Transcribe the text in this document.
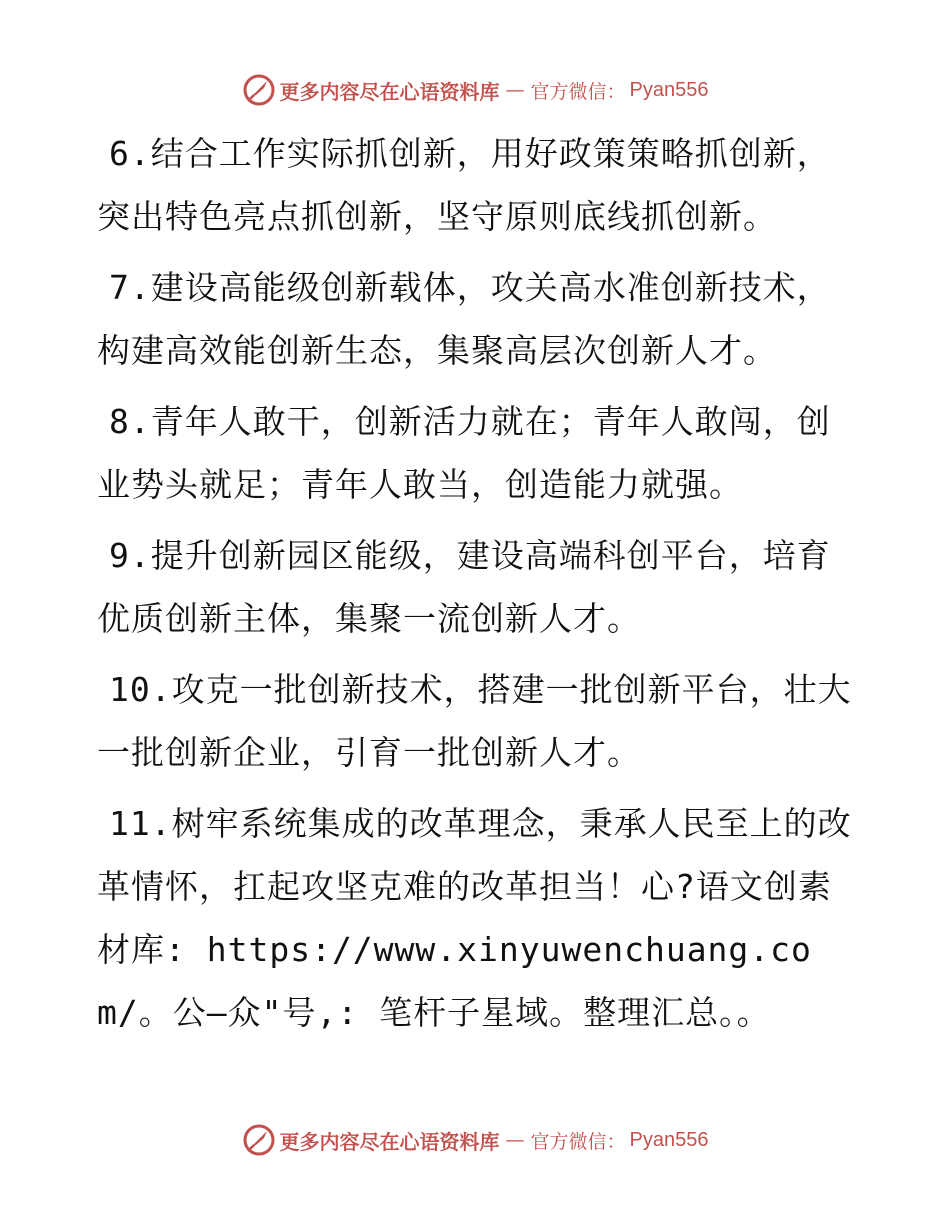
更多内容尽在心语资料库 — 官方微信： Pyan556

6.结合工作实际抓创新，用好政策策略抓创新，突出特色亮点抓创新，坚守原则底线抓创新。

7.建设高能级创新载体，攻关高水准创新技术，构建高效能创新生态，集聚高层次创新人才。

8.青年人敢干，创新活力就在；青年人敢闯，创业势头就足；青年人敢当，创造能力就强。

9.提升创新园区能级，建设高端科创平台，培育优质创新主体，集聚一流创新人才。

10.攻克一批创新技术，搭建一批创新平台，壮大一批创新企业，引育一批创新人才。

11.树牢系统集成的改革理念，秉承人民至上的改革情怀，扛起攻坚克难的改革担当！心?语文创素材库: https://www.xinyuwenchuang.com/。公—众"号,: 笔杆子星域。整理汇总。。

更多内容尽在心语资料库 — 官方微信： Pyan556
